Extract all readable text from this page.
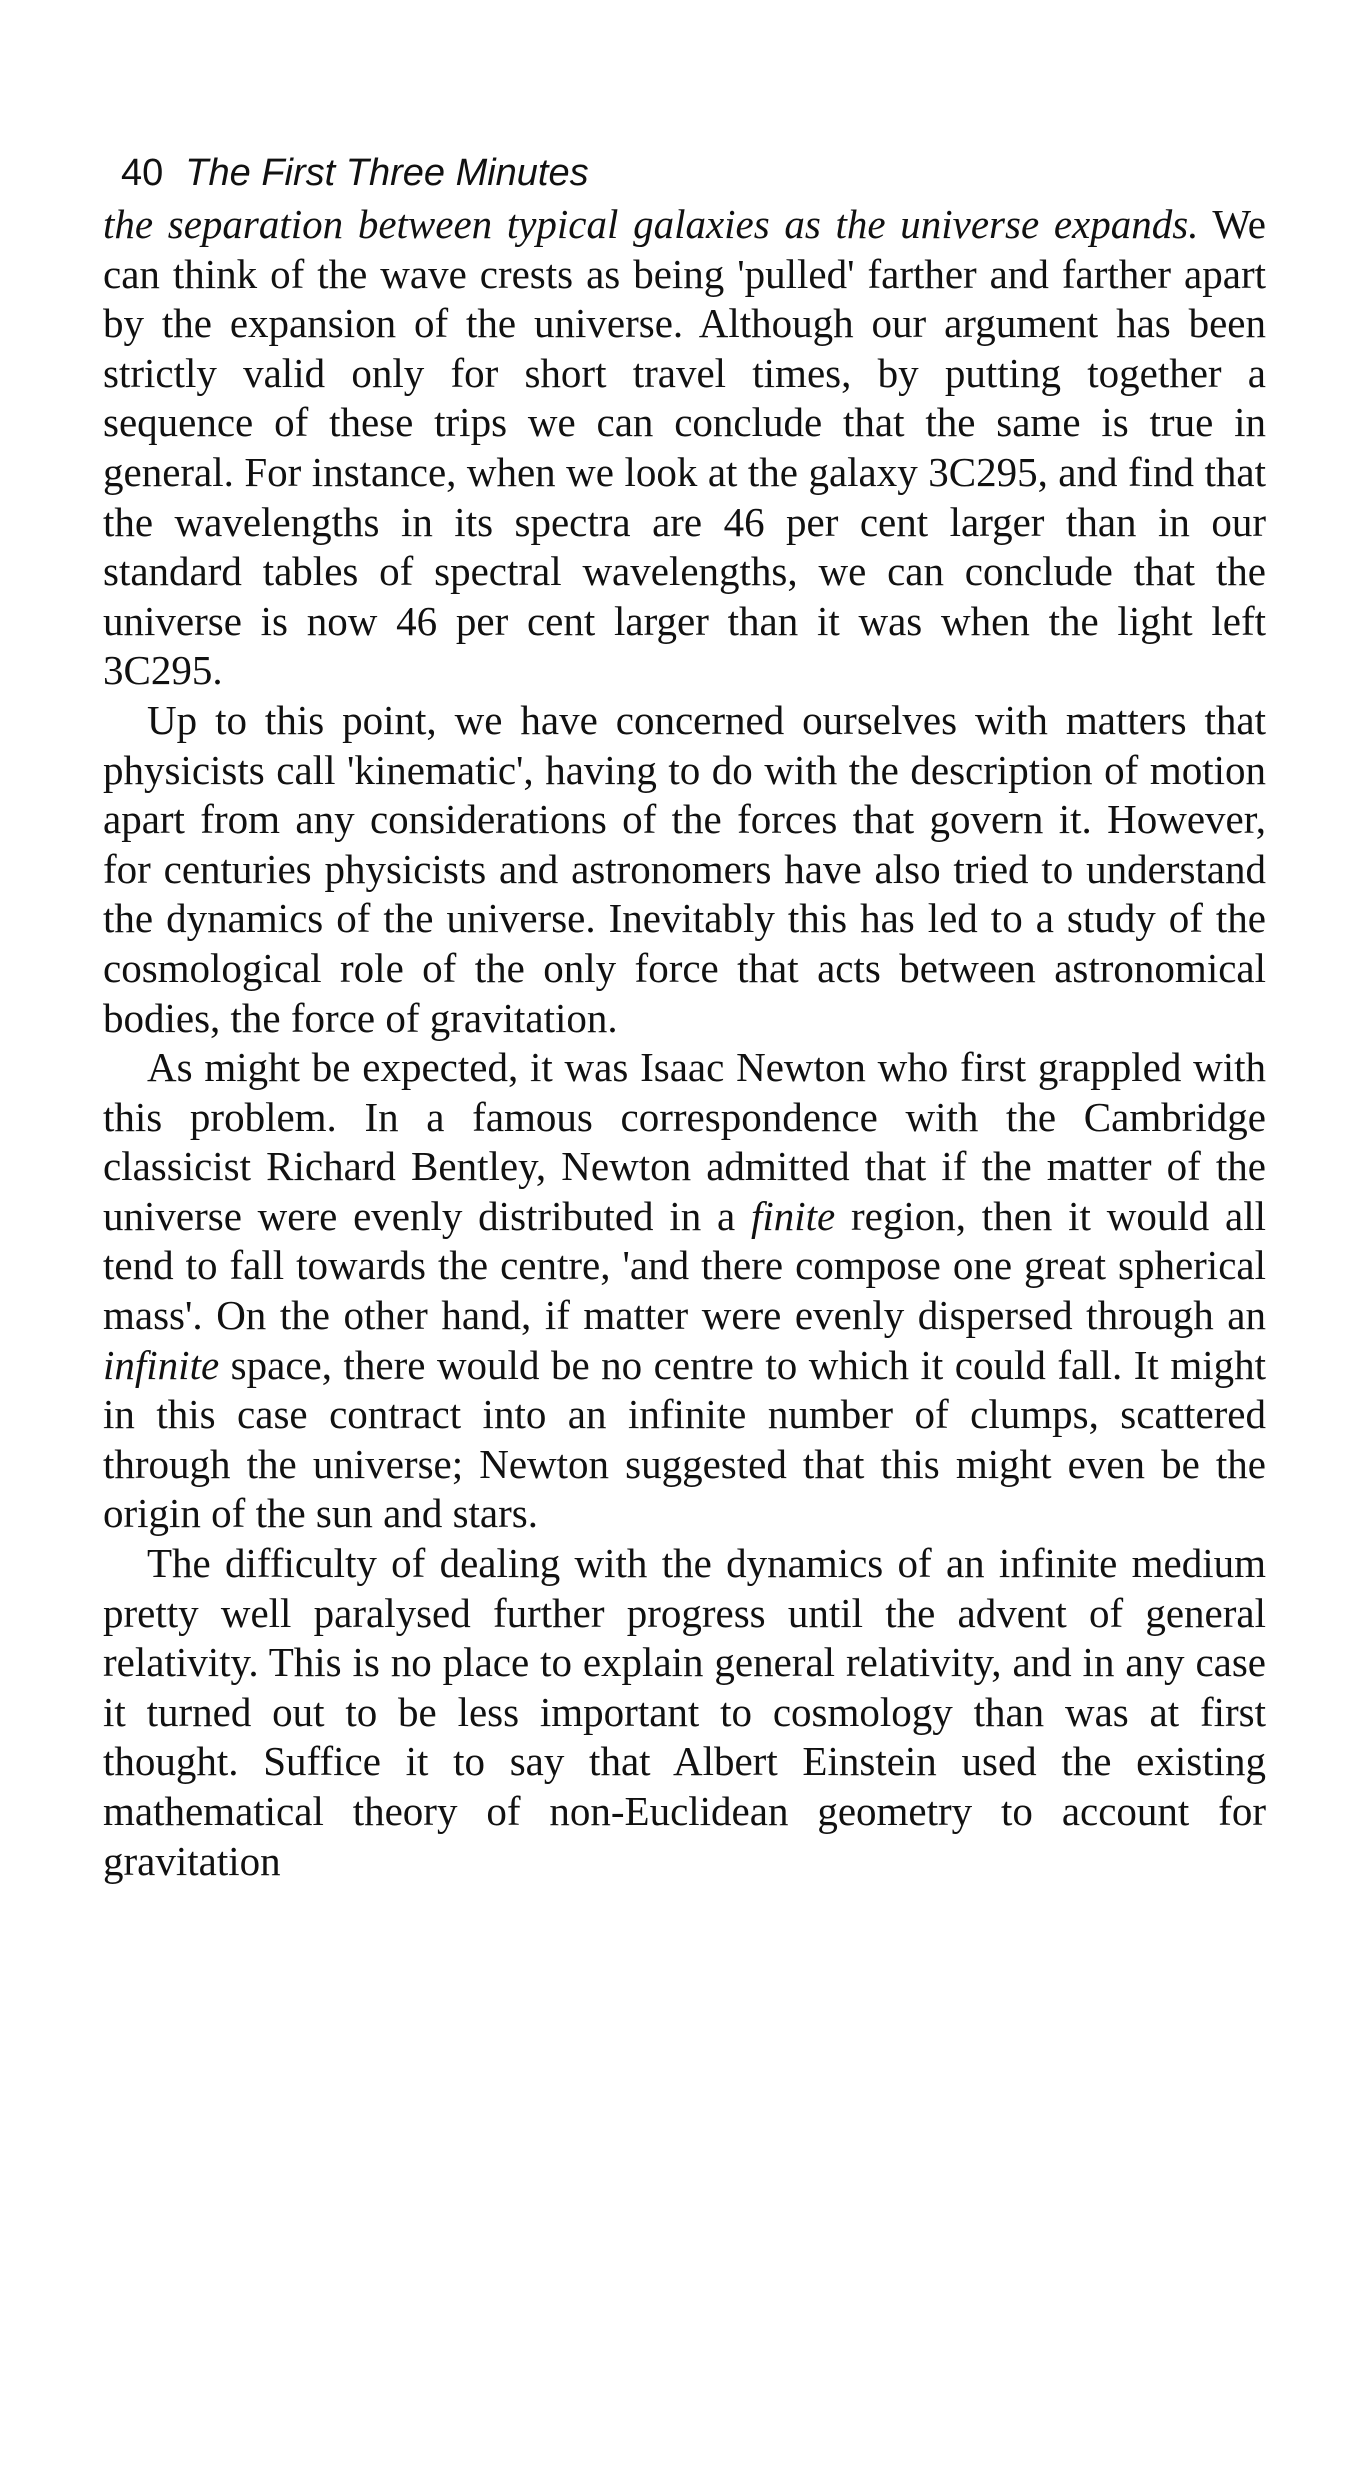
40 The First Three Minutes

the separation between typical galaxies as the universe expands. We can think of the wave crests as being 'pulled' farther and farther apart by the expansion of the universe. Although our argument has been strictly valid only for short travel times, by putting together a sequence of these trips we can conclude that the same is true in general. For instance, when we look at the galaxy 3C295, and find that the wavelengths in its spectra are 46 per cent larger than in our standard tables of spectral wavelengths, we can conclude that the universe is now 46 per cent larger than it was when the light left 3C295.

Up to this point, we have concerned ourselves with matters that physicists call 'kinematic', having to do with the description of motion apart from any considerations of the forces that govern it. However, for centuries physicists and astronomers have also tried to understand the dynamics of the universe. Inevitably this has led to a study of the cosmological role of the only force that acts between astronomical bodies, the force of gravitation.

As might be expected, it was Isaac Newton who first grappled with this problem. In a famous correspondence with the Cambridge classicist Richard Bentley, Newton admitted that if the matter of the universe were evenly distributed in a finite region, then it would all tend to fall towards the centre, 'and there compose one great spherical mass'. On the other hand, if matter were evenly dispersed through an infinite space, there would be no centre to which it could fall. It might in this case contract into an infinite number of clumps, scattered through the universe; Newton suggested that this might even be the origin of the sun and stars.

The difficulty of dealing with the dynamics of an infinite medium pretty well paralysed further progress until the advent of general relativity. This is no place to explain general relativity, and in any case it turned out to be less important to cosmology than was at first thought. Suffice it to say that Albert Einstein used the existing mathematical theory of non-Euclidean geometry to account for gravitation
